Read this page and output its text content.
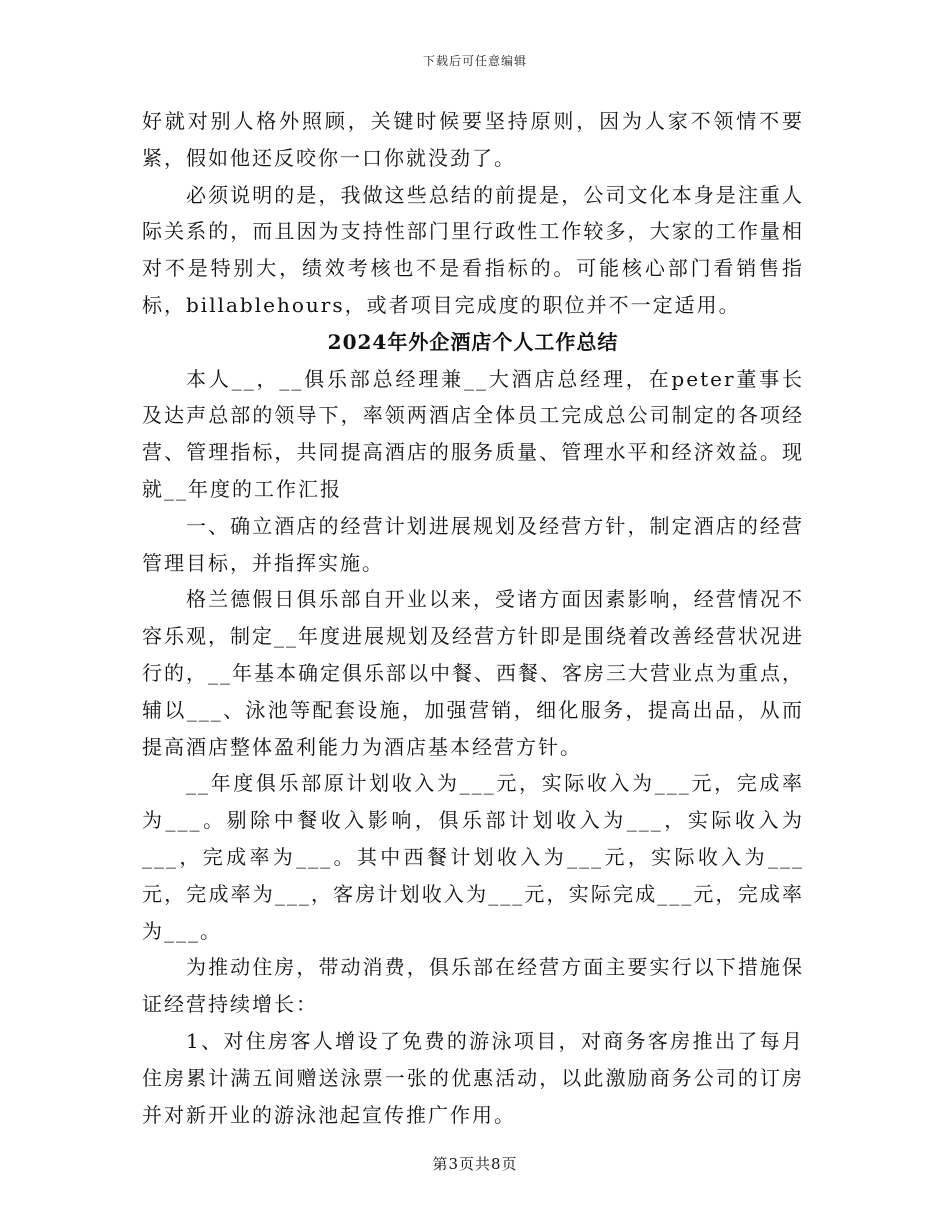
下载后可任意编辑

好就对别人格外照顾，关键时候要坚持原则，因为人家不领情不要紧，假如他还反咬你一口你就没劲了。

必须说明的是，我做这些总结的前提是，公司文化本身是注重人际关系的，而且因为支持性部门里行政性工作较多，大家的工作量相对不是特别大，绩效考核也不是看指标的。可能核心部门看销售指标，billablehours，或者项目完成度的职位并不一定适用。

2024年外企酒店个人工作总结

本人__，__俱乐部总经理兼__大酒店总经理，在peter董事长及达声总部的领导下，率领两酒店全体员工完成总公司制定的各项经营、管理指标，共同提高酒店的服务质量、管理水平和经济效益。现就__年度的工作汇报

一、确立酒店的经营计划进展规划及经营方针，制定酒店的经营管理目标，并指挥实施。

格兰德假日俱乐部自开业以来，受诸方面因素影响，经营情况不容乐观，制定__年度进展规划及经营方针即是围绕着改善经营状况进行的，__年基本确定俱乐部以中餐、西餐、客房三大营业点为重点，辅以___、泳池等配套设施，加强营销，细化服务，提高出品，从而提高酒店整体盈利能力为酒店基本经营方针。

__年度俱乐部原计划收入为___元，实际收入为___元，完成率为___。剔除中餐收入影响，俱乐部计划收入为___，实际收入为___，完成率为___。其中西餐计划收入为___元，实际收入为___元，完成率为___，客房计划收入为___元，实际完成___元，完成率为___。

为推动住房，带动消费，俱乐部在经营方面主要实行以下措施保证经营持续增长：

1、对住房客人增设了免费的游泳项目，对商务客房推出了每月住房累计满五间赠送泳票一张的优惠活动，以此激励商务公司的订房并对新开业的游泳池起宣传推广作用。

第3页共8页
